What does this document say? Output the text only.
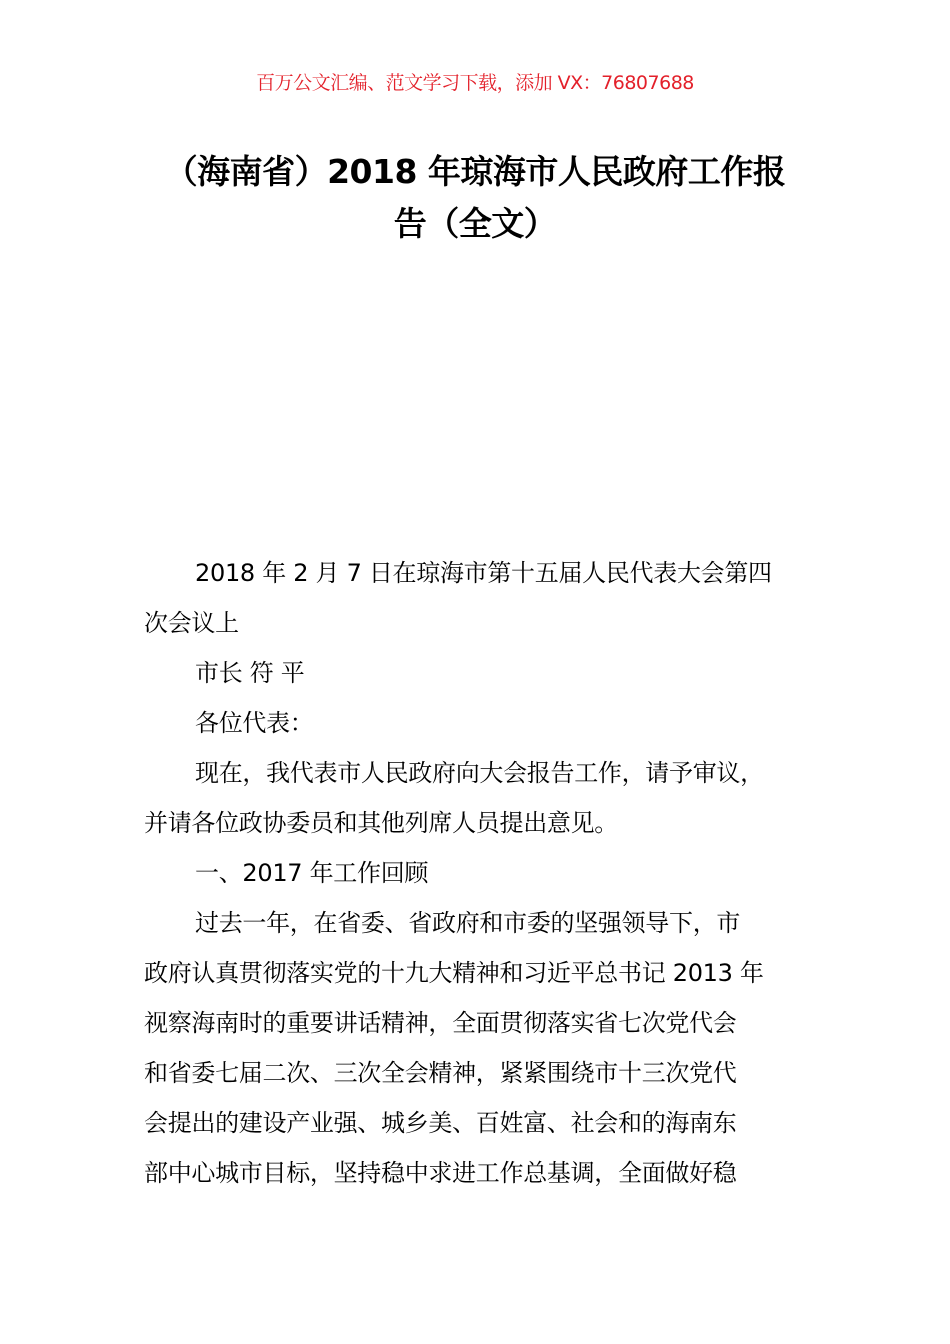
百万公文汇编、范文学习下载，添加 VX：76807688
（海南省）2018 年琼海市人民政府工作报
告（全文）
2018 年 2 月 7 日在琼海市第十五届人民代表大会第四
次会议上
市长 符 平
各位代表：
现在，我代表市人民政府向大会报告工作，请予审议，
并请各位政协委员和其他列席人员提出意见。
一、2017 年工作回顾
过去一年，在省委、省政府和市委的坚强领导下，市
政府认真贯彻落实党的十九大精神和习近平总书记 2013 年
视察海南时的重要讲话精神，全面贯彻落实省七次党代会
和省委七届二次、三次全会精神，紧紧围绕市十三次党代
会提出的建设产业强、城乡美、百姓富、社会和的海南东
部中心城市目标，坚持稳中求进工作总基调，全面做好稳
